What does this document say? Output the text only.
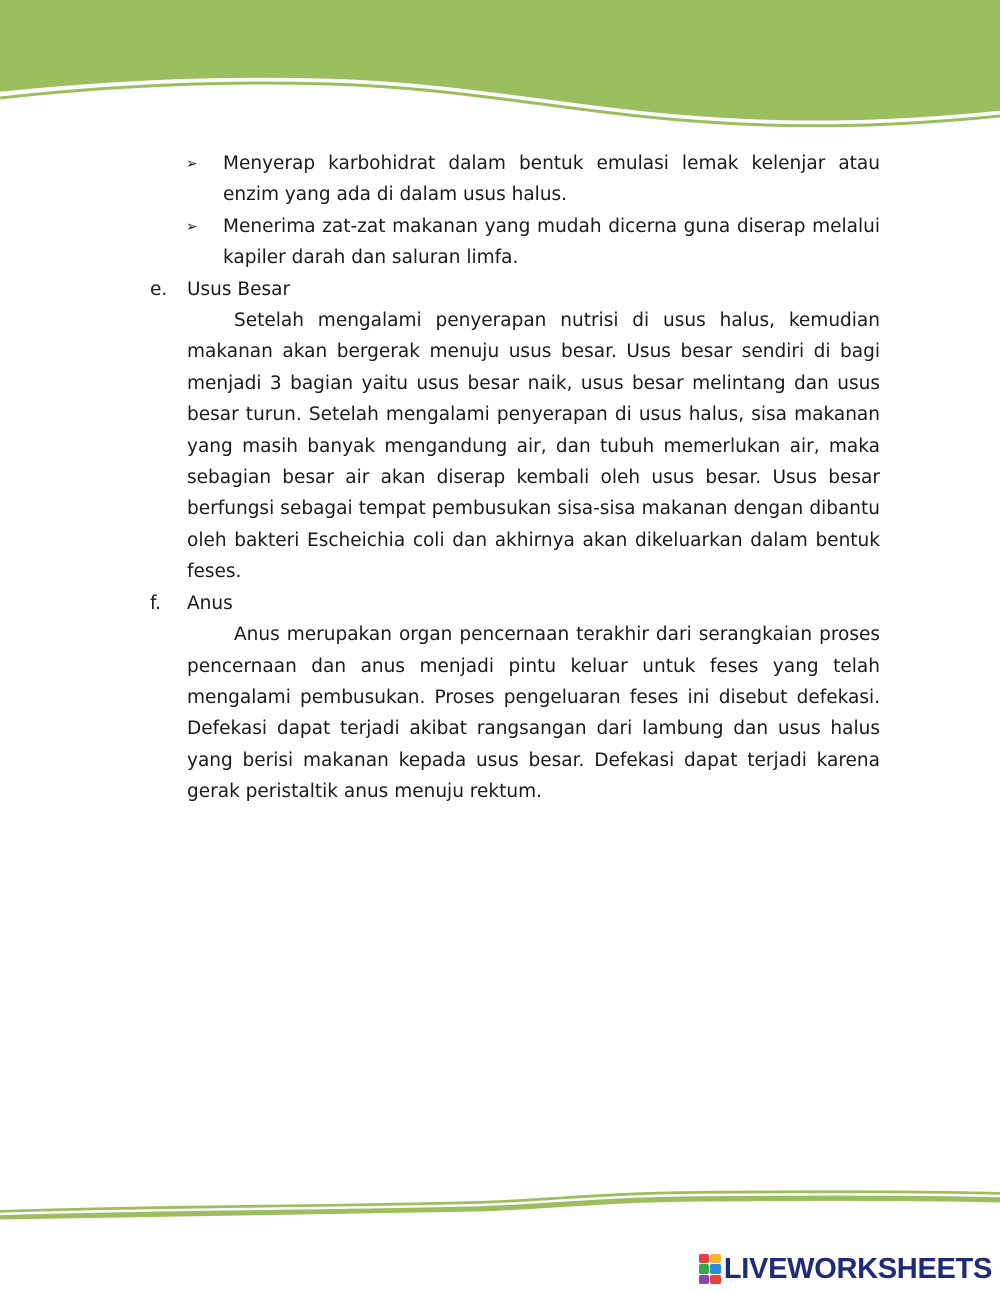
➢	Menyerap karbohidrat dalam bentuk emulasi lemak kelenjar atau enzim yang ada di dalam usus halus.
➢	Menerima zat-zat makanan yang mudah dicerna guna diserap melalui kapiler darah dan saluran limfa.
e.	Usus Besar
Setelah mengalami penyerapan nutrisi di usus halus, kemudian makanan akan bergerak menuju usus besar. Usus besar sendiri di bagi menjadi 3 bagian yaitu usus besar naik, usus besar melintang dan usus besar turun. Setelah mengalami penyerapan di usus halus, sisa makanan yang masih banyak mengandung air, dan tubuh memerlukan air, maka sebagian besar air akan diserap kembali oleh usus besar. Usus besar berfungsi sebagai tempat pembusukan sisa-sisa makanan dengan dibantu oleh bakteri Escheichia coli dan akhirnya akan dikeluarkan dalam bentuk feses.
f.	Anus
Anus merupakan organ pencernaan terakhir dari serangkaian proses pencernaan dan anus menjadi pintu keluar untuk feses yang telah mengalami pembusukan. Proses pengeluaran feses ini disebut defekasi. Defekasi dapat terjadi akibat rangsangan dari lambung dan usus halus yang berisi makanan kepada usus besar. Defekasi dapat terjadi karena gerak peristaltik anus menuju rektum.
LIVEWORKSHEETS
